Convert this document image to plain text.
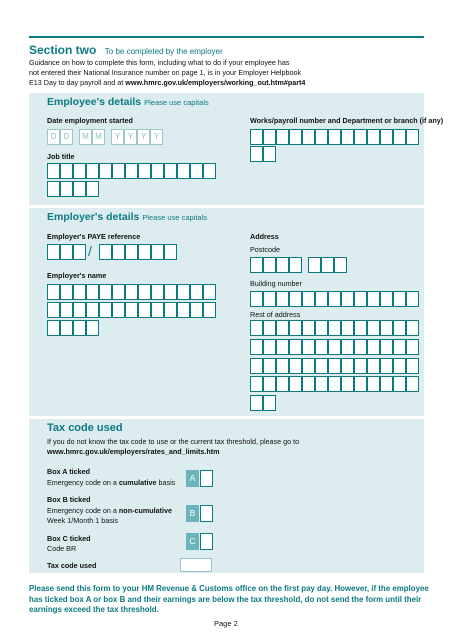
Section two To be completed by the employer
Guidance on how to complete this form, including what to do if your employee has
not entered their National Insurance number on page 1, is in your Employer Helpbook
E13 Day to day payroll and at www.hmrc.gov.uk/employers/working_out.htm#part4
Employee's details Please use capitals
Date employment started	Works/payroll number and Department or branch (if any)
D D	M M	Y Y Y Y
Job title
Employer's details Please use capitals
Employer's PAYE reference	Address
/	Postcode
Employer's name
Building number
Rest of address
Tax code used
If you do not know the tax code to use or the current tax threshold, please go to
www.hmrc.gov.uk/employers/rates_and_limits.htm
Box A ticked
Emergency code on a cumulative basis	A
Box B ticked
Emergency code on a non-cumulative
Week 1/Month 1 basis
B
Box C ticked
Code BR
C
Tax code used
Please send this form to your HM Revenue & Customs office on the first pay day. However, if the employee
has ticked box A or box B and their earnings are below the tax threshold, do not send the form until their
earnings exceed the tax threshold.
Page 2
